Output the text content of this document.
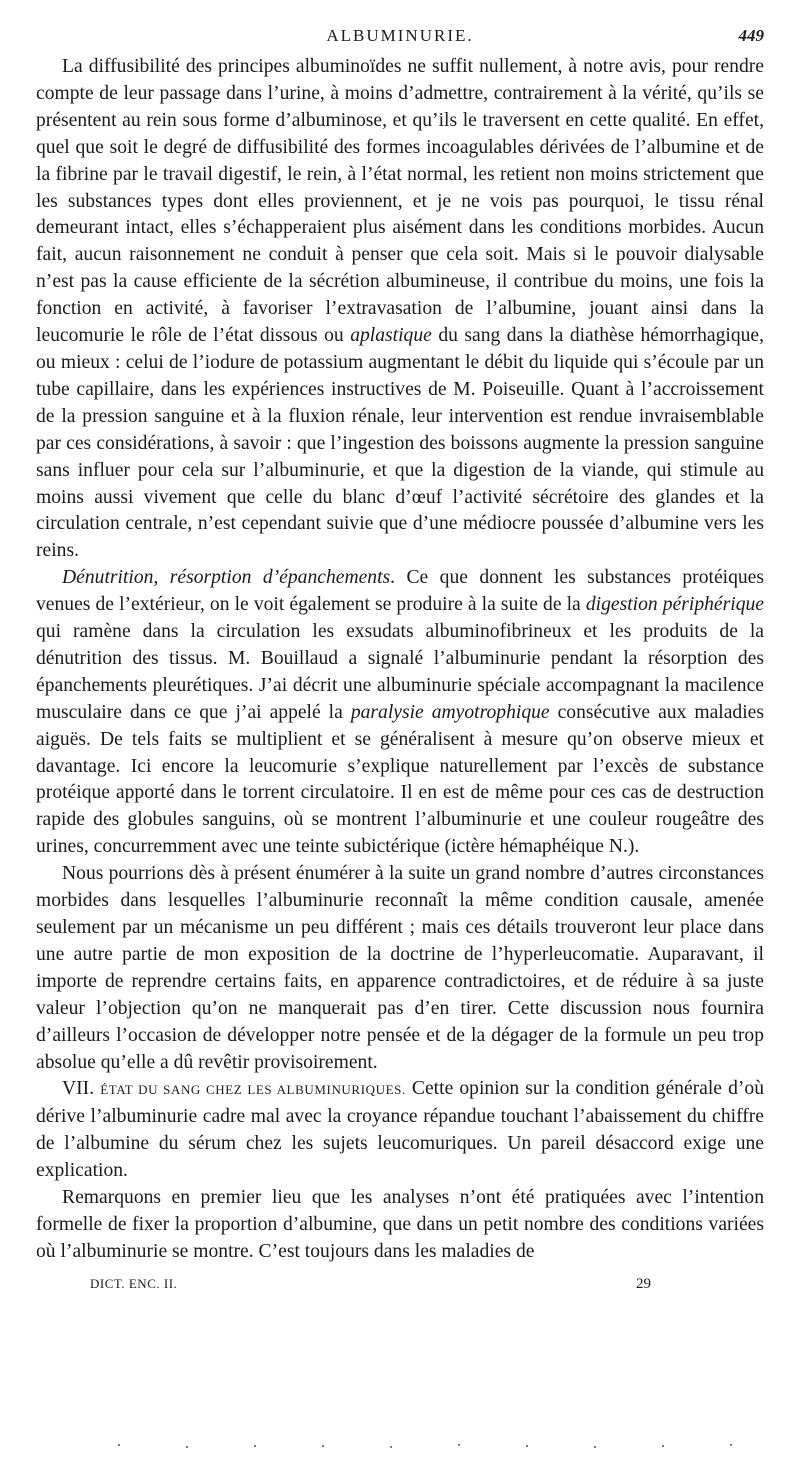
ALBUMINURIE.	449

La diffusibilité des principes albuminoïdes ne suffit nullement, à notre avis, pour rendre compte de leur passage dans l’urine, à moins d’admettre, contrairement à la vérité, qu’ils se présentent au rein sous forme d’albuminose, et qu’ils le traversent en cette qualité. En effet, quel que soit le degré de diffusibilité des formes incoagulables dérivées de l’albumine et de la fibrine par le travail digestif, le rein, à l’état normal, les retient non moins strictement que les substances types dont elles proviennent, et je ne vois pas pourquoi, le tissu rénal demeurant intact, elles s’échapperaient plus aisément dans les conditions morbides. Aucun fait, aucun raisonnement ne conduit à penser que cela soit. Mais si le pouvoir dialysable n’est pas la cause efficiente de la sécrétion albumineuse, il contribue du moins, une fois la fonction en activité, à favoriser l’extravasation de l’albumine, jouant ainsi dans la leucomurie le rôle de l’état dissous ou aplastique du sang dans la diathèse hémorrhagique, ou mieux : celui de l’iodure de potassium augmentant le débit du liquide qui s’écoule par un tube capillaire, dans les expériences instructives de M. Poiseuille. Quant à l’accroissement de la pression sanguine et à la fluxion rénale, leur intervention est rendue invraisemblable par ces considérations, à savoir : que l’ingestion des boissons augmente la pression sanguine sans influer pour cela sur l’albuminurie, et que la digestion de la viande, qui stimule au moins aussi vivement que celle du blanc d’œuf l’activité sécrétoire des glandes et la circulation centrale, n’est cependant suivie que d’une médiocre poussée d’albumine vers les reins.

Dénutrition, résorption d’épanchements. Ce que donnent les substances protéiques venues de l’extérieur, on le voit également se produire à la suite de la digestion périphérique qui ramène dans la circulation les exsudats albuminofibrineux et les produits de la dénutrition des tissus. M. Bouillaud a signalé l’albuminurie pendant la résorption des épanchements pleurétiques. J’ai décrit une albuminurie spéciale accompagnant la macilence musculaire dans ce que j’ai appelé la paralysie amyotrophique consécutive aux maladies aiguës. De tels faits se multiplient et se généralisent à mesure qu’on observe mieux et davantage. Ici encore la leucomurie s’explique naturellement par l’excès de substance protéique apporté dans le torrent circulatoire. Il en est de même pour ces cas de destruction rapide des globules sanguins, où se montrent l’albuminurie et une couleur rougeâtre des urines, concurremment avec une teinte subictérique (ictère hémaphéique N.).

Nous pourrions dès à présent énumérer à la suite un grand nombre d’autres circonstances morbides dans lesquelles l’albuminurie reconnaît la même condition causale, amenée seulement par un mécanisme un peu différent ; mais ces détails trouveront leur place dans une autre partie de mon exposition de la doctrine de l’hyperleucomatie. Auparavant, il importe de reprendre certains faits, en apparence contradictoires, et de réduire à sa juste valeur l’objection qu’on ne manquerait pas d’en tirer. Cette discussion nous fournira d’ailleurs l’occasion de développer notre pensée et de la dégager de la formule un peu trop absolue qu’elle a dû revêtir provisoirement.

VII. ÉTAT DU SANG CHEZ LES ALBUMINURIQUES. Cette opinion sur la condition générale d’où dérive l’albuminurie cadre mal avec la croyance répandue touchant l’abaissement du chiffre de l’albumine du sérum chez les sujets leucomuriques. Un pareil désaccord exige une explication.

Remarquons en premier lieu que les analyses n’ont été pratiquées avec l’intention formelle de fixer la proportion d’albumine, que dans un petit nombre des conditions variées où l’albuminurie se montre. C’est toujours dans les maladies de

DICT. ENC. II.	29
